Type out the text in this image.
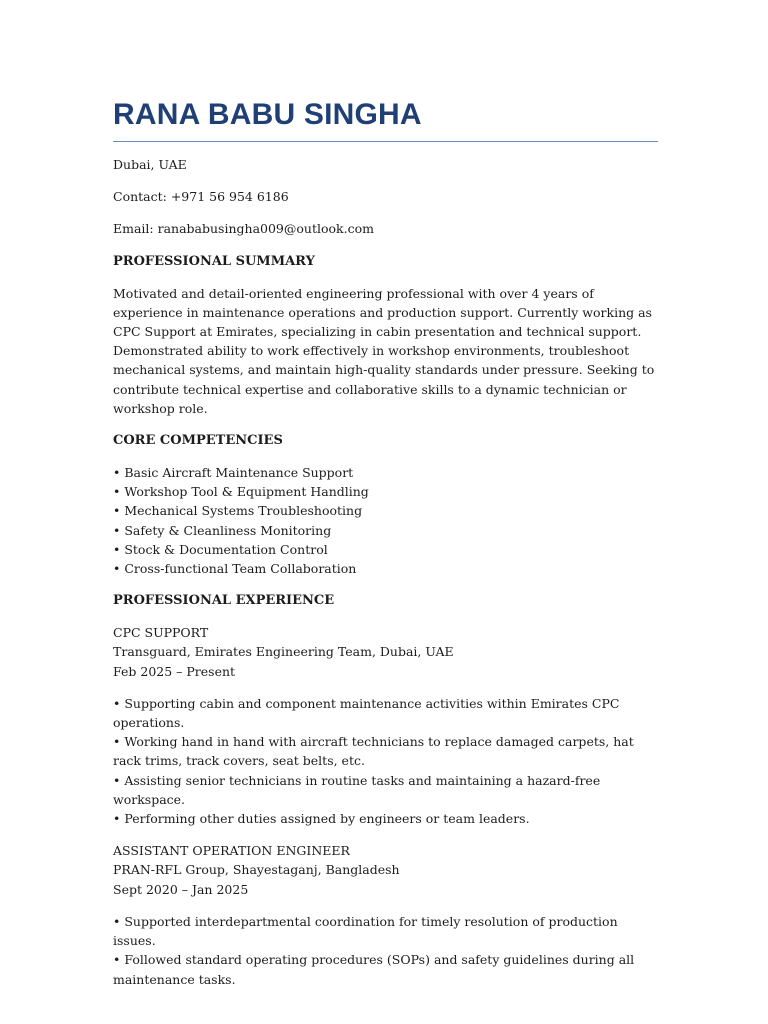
RANA BABU SINGHA

Dubai, UAE

Contact: +971 56 954 6186

Email: ranababusingha009@outlook.com

PROFESSIONAL SUMMARY

Motivated and detail-oriented engineering professional with over 4 years of experience in maintenance operations and production support. Currently working as CPC Support at Emirates, specializing in cabin presentation and technical support. Demonstrated ability to work effectively in workshop environments, troubleshoot mechanical systems, and maintain high-quality standards under pressure. Seeking to contribute technical expertise and collaborative skills to a dynamic technician or workshop role.

CORE COMPETENCIES
• Basic Aircraft Maintenance Support
• Workshop Tool & Equipment Handling
• Mechanical Systems Troubleshooting
• Safety & Cleanliness Monitoring
• Stock & Documentation Control
• Cross-functional Team Collaboration
PROFESSIONAL EXPERIENCE

CPC SUPPORT

Transguard, Emirates Engineering Team, Dubai, UAE

Feb 2025 – Present

• Supporting cabin and component maintenance activities within Emirates CPC operations.
• Working hand in hand with aircraft technicians to replace damaged carpets, hat rack trims, track covers, seat belts, etc.
• Assisting senior technicians in routine tasks and maintaining a hazard-free workspace.
• Performing other duties assigned by engineers or team leaders.

ASSISTANT OPERATION ENGINEER

PRAN-RFL Group, Shayestaganj, Bangladesh

Sept 2020 – Jan 2025

• Supported interdepartmental coordination for timely resolution of production issues.
• Followed standard operating procedures (SOPs) and safety guidelines during all maintenance tasks.
